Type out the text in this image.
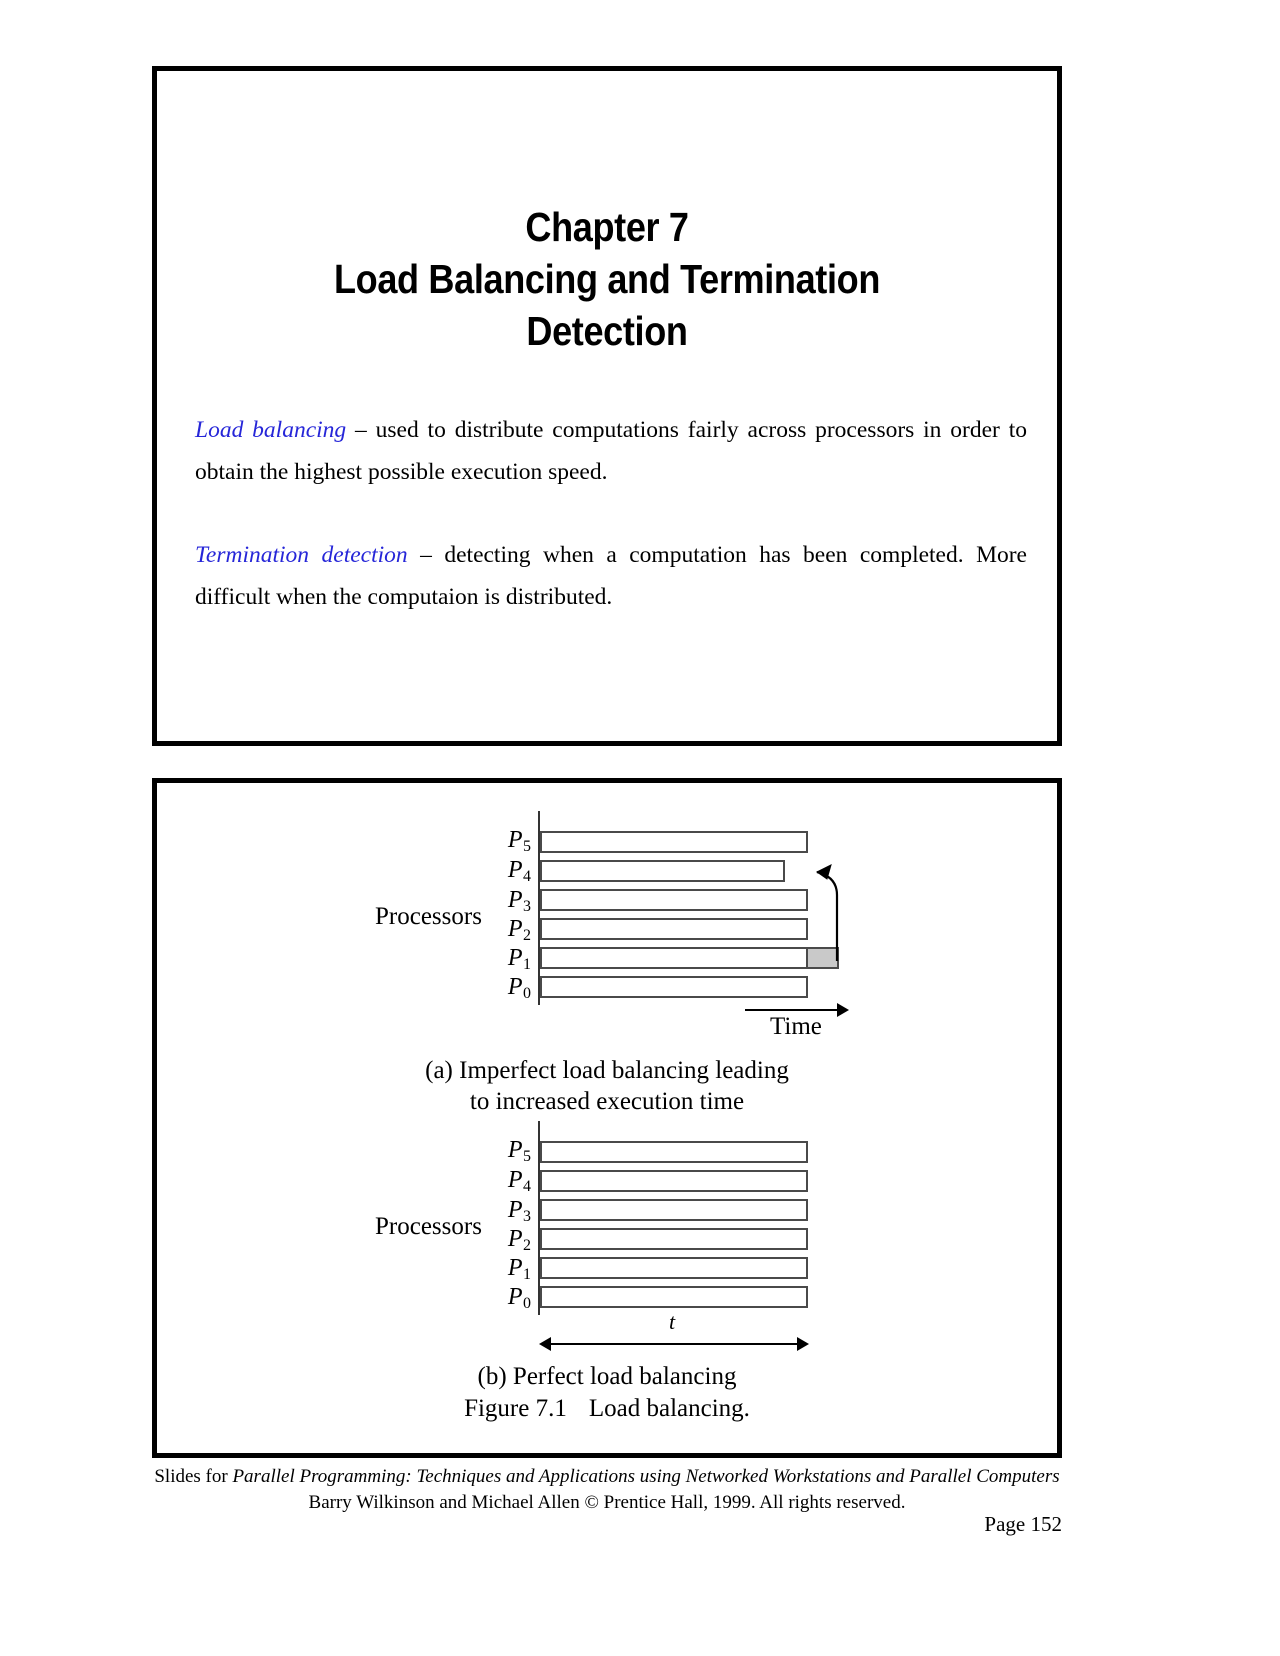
Chapter 7
Load Balancing and Termination
Detection
Load balancing – used to distribute computations fairly across processors in order to obtain the highest possible execution speed.
Termination detection – detecting when a computation has been completed. More difficult when the computaion is distributed.
Processors
$P_5$
$P_4$
$P_3$
$P_2$
$P_1$
$P_0$
Time
(a) Imperfect load balancing leading
to increased execution time
Processors
$P_5$
$P_4$
$P_3$
$P_2$
$P_1$
$P_0$
t
(b) Perfect load balancing
Figure 7.1 Load balancing.
Slides for Parallel Programming: Techniques and Applications using Networked Workstations and Parallel Computers
Barry Wilkinson and Michael Allen © Prentice Hall, 1999. All rights reserved.
Page 152
